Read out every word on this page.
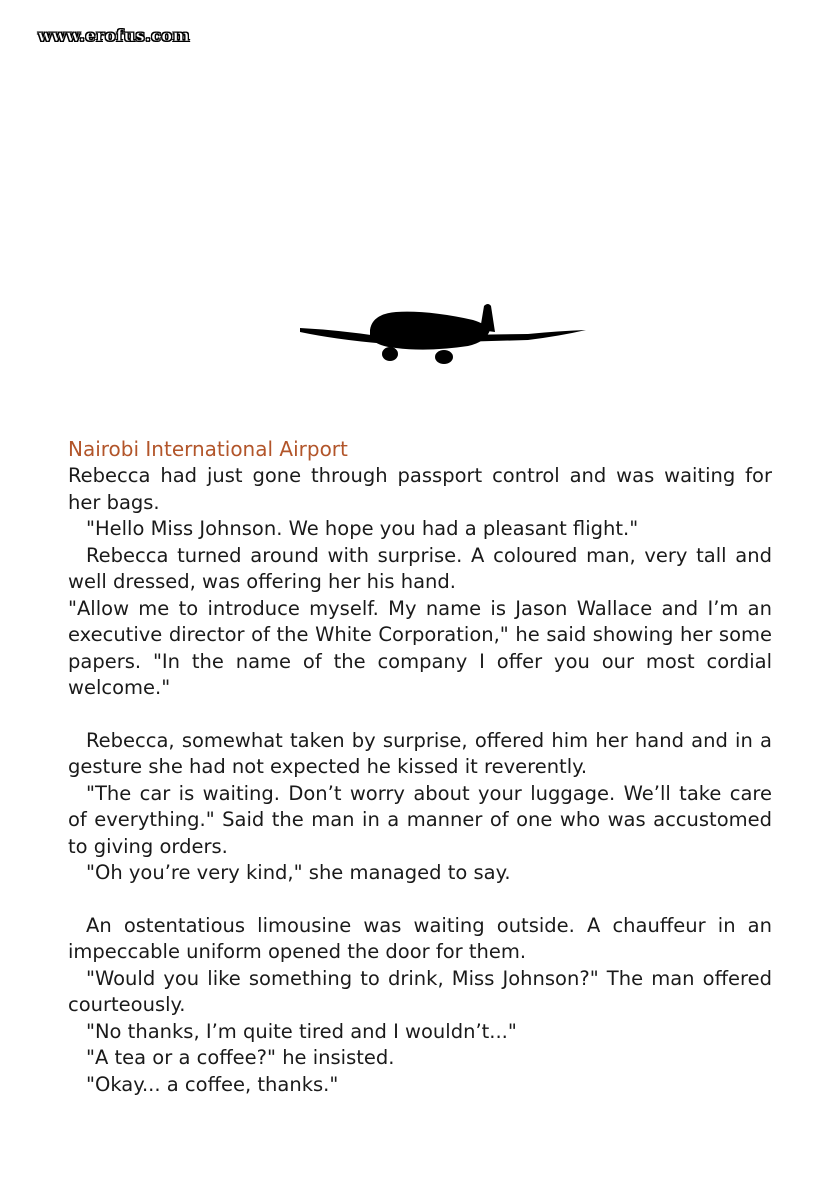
www.erofus.com
Nairobi International Airport

Rebecca had just gone through passport control and was waiting for her bags.

"Hello Miss Johnson. We hope you had a pleasant flight."

Rebecca turned around with surprise. A coloured man, very tall and well dressed, was offering her his hand.

"Allow me to introduce myself. My name is Jason Wallace and I’m an executive director of the White Corporation," he said showing her some papers. "In the name of the company I offer you our most cordial welcome."

Rebecca, somewhat taken by surprise, offered him her hand and in a gesture she had not expected he kissed it reverently.

"The car is waiting. Don’t worry about your luggage. We’ll take care of everything." Said the man in a manner of one who was accustomed to giving orders.

"Oh you’re very kind," she managed to say.

An ostentatious limousine was waiting outside. A chauffeur in an impeccable uniform opened the door for them.

"Would you like something to drink, Miss Johnson?" The man offered courteously.

"No thanks, I’m quite tired and I wouldn’t..."

"A tea or a coffee?" he insisted.

"Okay... a coffee, thanks."
